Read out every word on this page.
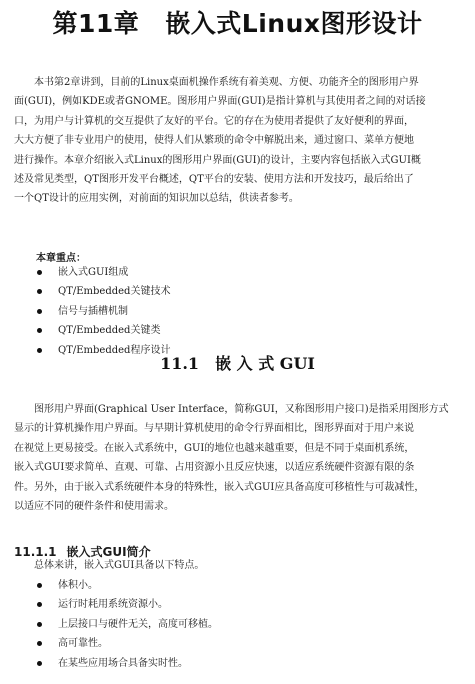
第11章 嵌入式Linux图形设计
本书第2章讲到，目前的Linux桌面机操作系统有着美观、方便、功能齐全的图形用户界
面(GUI)，例如KDE或者GNOME。图形用户界面(GUI)是指计算机与其使用者之间的对话接
口，为用户与计算机的交互提供了友好的平台。它的存在为使用者提供了友好便利的界面，
大大方便了非专业用户的使用，使得人们从繁琐的命令中解脱出来，通过窗口、菜单方便地
进行操作。本章介绍嵌入式Linux的图形用户界面(GUI)的设计，主要内容包括嵌入式GUI概
述及常见类型，QT图形开发平台概述，QT平台的安装、使用方法和开发技巧，最后给出了
一个QT设计的应用实例，对前面的知识加以总结，供读者参考。
本章重点：
嵌入式GUI组成
QT/Embedded关键技术
信号与插槽机制
QT/Embedded关键类
QT/Embedded程序设计
11.1 嵌 入 式 GUI
图形用户界面(Graphical User Interface，简称GUI，又称图形用户接口)是指采用图形方式
显示的计算机操作用户界面。与早期计算机使用的命令行界面相比，图形界面对于用户来说
在视觉上更易接受。在嵌入式系统中，GUI的地位也越来越重要，但是不同于桌面机系统，
嵌入式GUI要求简单、直观、可靠、占用资源小且反应快速，以适应系统硬件资源有限的条
件。另外，由于嵌入式系统硬件本身的特殊性，嵌入式GUI应具备高度可移植性与可裁减性，
以适应不同的硬件条件和使用需求。
11.1.1 嵌入式GUI简介
总体来讲，嵌入式GUI具备以下特点。
体积小。
运行时耗用系统资源小。
上层接口与硬件无关，高度可移植。
高可靠性。
在某些应用场合具备实时性。
